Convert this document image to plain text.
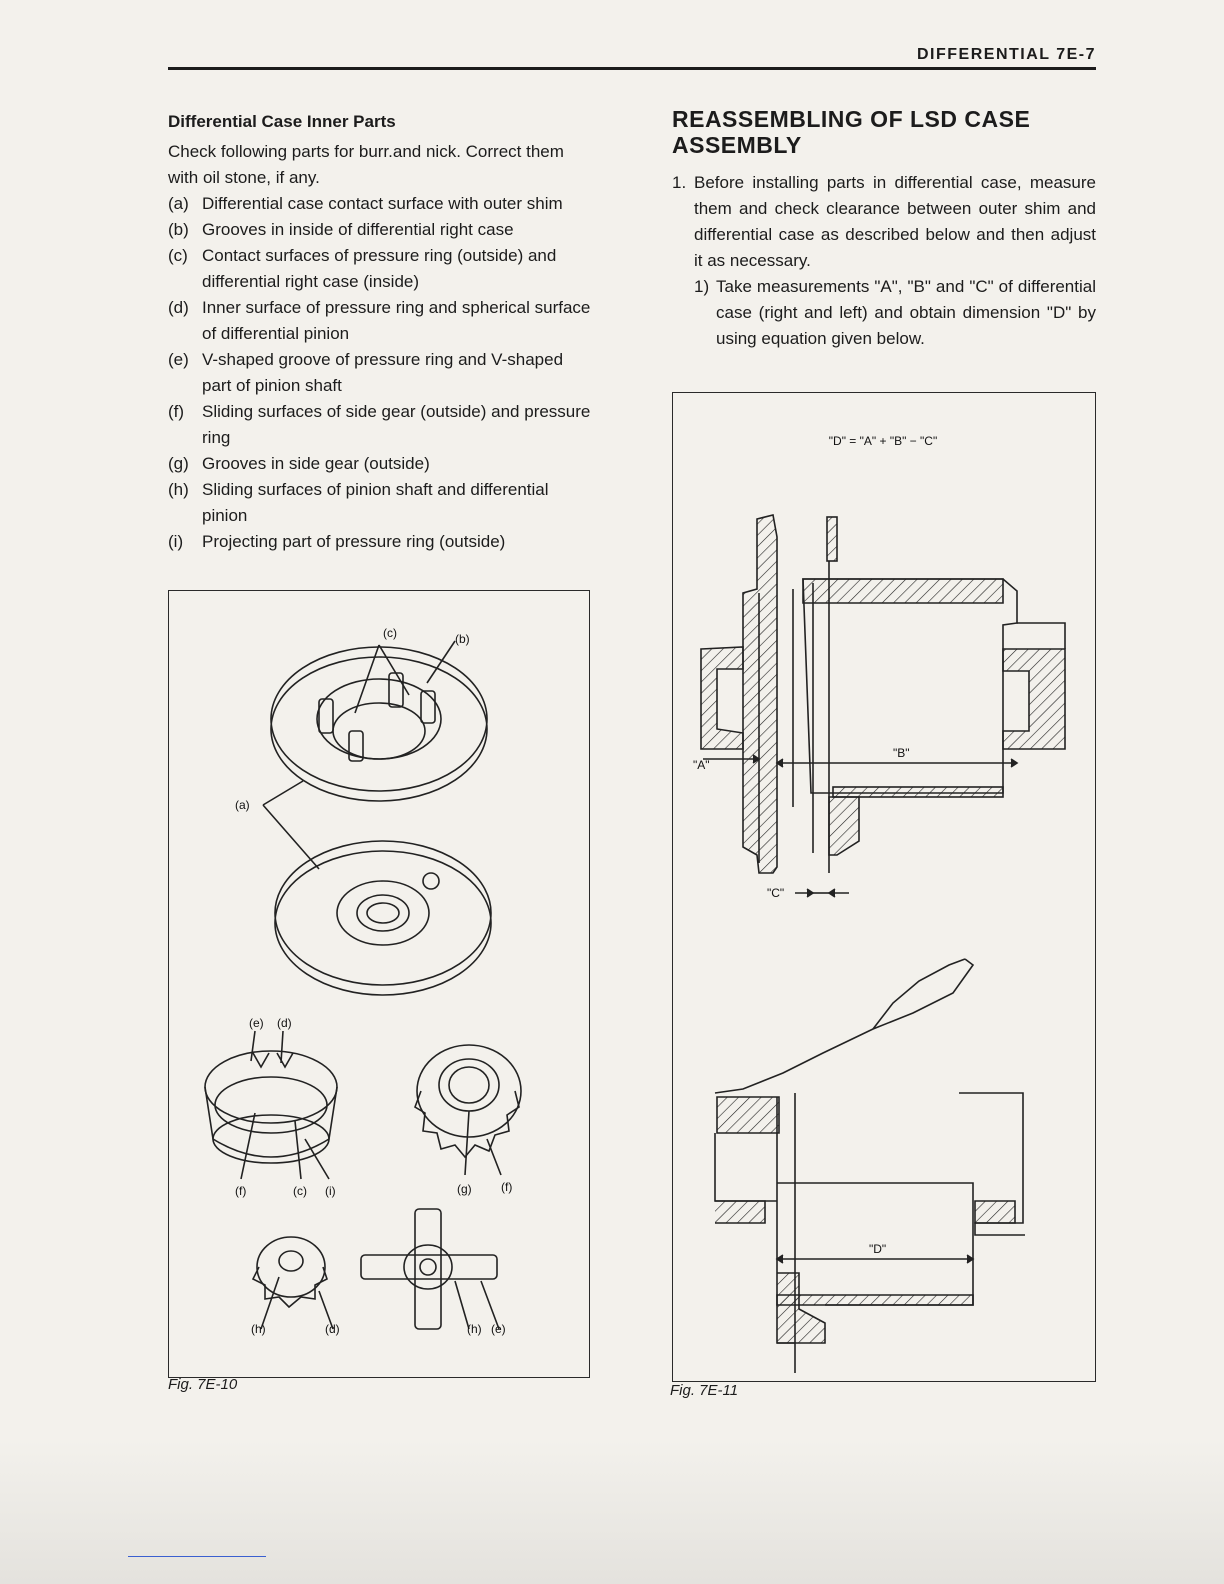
DIFFERENTIAL 7E-7

Differential Case Inner Parts

Check following parts for burr.and nick. Correct them with oil stone, if any.

(a) Differential case contact surface with outer shim
(b) Grooves in inside of differential right case
(c) Contact surfaces of pressure ring (outside) and differential right case (inside)
(d) Inner surface of pressure ring and spherical surface of differential pinion
(e) V-shaped groove of pressure ring and V-shaped part of pinion shaft
(f)	Sliding surfaces of side gear (outside) and pressure ring
(g) Grooves in side gear (outside)
(h) Sliding surfaces of pinion shaft and differential pinion
(i)	Projecting part of pressure ring (outside)
(c)	(b)
(a)
(e) (d)
(f)	(c) (i)	(g) (f)
(h)	(d)	(h) (e)
Fig. 7E-10
REASSEMBLING OF LSD CASE
ASSEMBLY
1. Before installing parts in differential case, measure them and check clearance between outer shim and differential case as described below and then adjust it as necessary.
1) Take measurements "A", "B" and "C" of differential case (right and left) and obtain dimension "D" by using equation given below.
"D" = "A" + "B" − "C"
"A"
"B"
"C"
"D"
Fig. 7E-11
